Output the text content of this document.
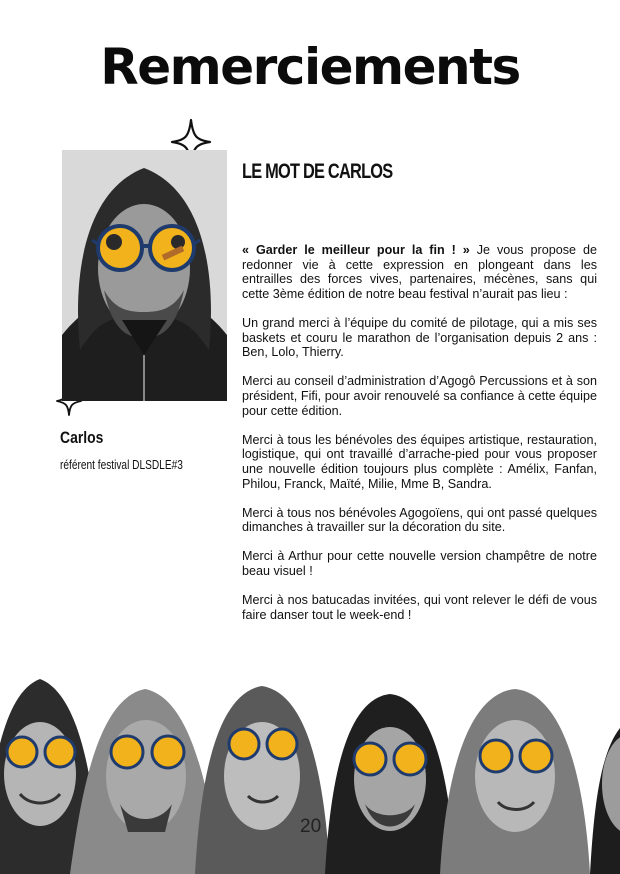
Remerciements
Carlos
référent festival DLSDLE#3
LE MOT DE CARLOS

« Garder le meilleur pour la fin ! » Je vous propose de redonner vie à cette expression en plongeant dans les entrailles des forces vives, partenaires, mécènes, sans qui cette 3ème édition de notre beau festival n’aurait pas lieu :

Un grand merci à l’équipe du comité de pilotage, qui a mis ses baskets et couru le marathon de l’organisation depuis 2 ans : Ben, Lolo, Thierry.

Merci au conseil d’administration d’Agogô Percussions et à son président, Fifi, pour avoir renouvelé sa confiance à cette équipe pour cette édition.

Merci à tous les bénévoles des équipes artistique, restauration, logistique, qui ont travaillé d’arrache-pied pour vous proposer une nouvelle édition toujours plus complète : Amélix, Fanfan, Philou, Franck, Maïté, Milie, Mme B, Sandra.

Merci à tous nos bénévoles Agogoïens, qui ont passé quelques dimanches à travailler sur la décoration du site.

Merci à Arthur pour cette nouvelle version champêtre de notre beau visuel !

Merci à nos batucadas invitées, qui vont relever le défi de vous faire danser tout le week-end !

20
